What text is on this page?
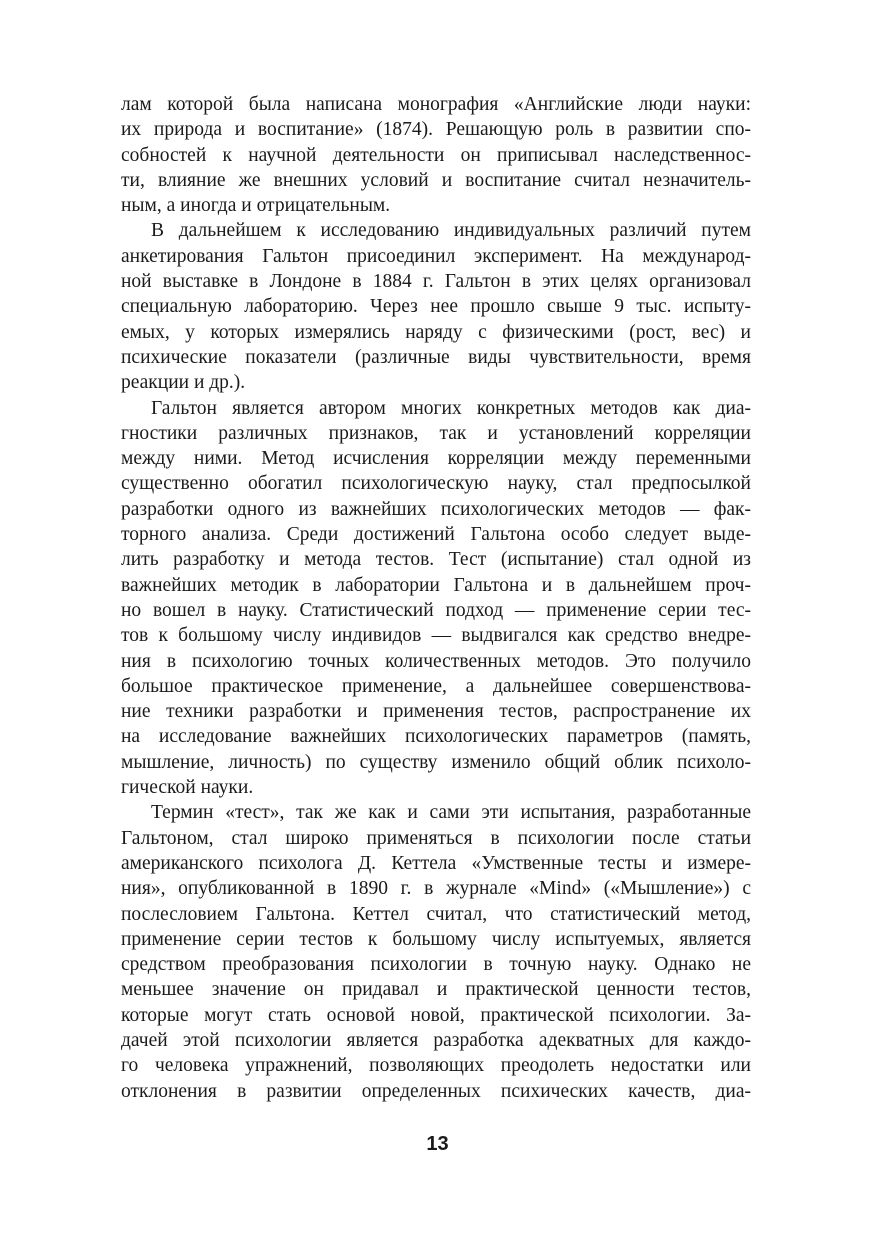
лам которой была написана монография «Английские люди науки:
их природа и воспитание» (1874). Решающую роль в развитии спо-
собностей к научной деятельности он приписывал наследственнос-
ти, влияние же внешних условий и воспитание считал незначитель-
ным, а иногда и отрицательным.

В дальнейшем к исследованию индивидуальных различий путем
анкетирования Гальтон присоединил эксперимент. На международ-
ной выставке в Лондоне в 1884 г. Гальтон в этих целях организовал
специальную лабораторию. Через нее прошло свыше 9 тыс. испыту-
емых, у которых измерялись наряду с физическими (рост, вес) и
психические показатели (различные виды чувствительности, время
реакции и др.).

Гальтон является автором многих конкретных методов как диа-
гностики различных признаков, так и установлений корреляции
между ними. Метод исчисления корреляции между переменными
существенно обогатил психологическую науку, стал предпосылкой
разработки одного из важнейших психологических методов — фак-
торного анализа. Среди достижений Гальтона особо следует выде-
лить разработку и метода тестов. Тест (испытание) стал одной из
важнейших методик в лаборатории Гальтона и в дальнейшем проч-
но вошел в науку. Статистический подход — применение серии тес-
тов к большому числу индивидов — выдвигался как средство внедре-
ния в психологию точных количественных методов. Это получило
большое практическое применение, а дальнейшее совершенствова-
ние техники разработки и применения тестов, распространение их
на исследование важнейших психологических параметров (память,
мышление, личность) по существу изменило общий облик психоло-
гической науки.

Термин «тест», так же как и сами эти испытания, разработанные
Гальтоном, стал широко применяться в психологии после статьи
американского психолога Д. Кеттела «Умственные тесты и измере-
ния», опубликованной в 1890 г. в журнале «Mind» («Мышление») с
послесловием Гальтона. Кеттел считал, что статистический метод,
применение серии тестов к большому числу испытуемых, является
средством преобразования психологии в точную науку. Однако не
меньшее значение он придавал и практической ценности тестов,
которые могут стать основой новой, практической психологии. За-
дачей этой психологии является разработка адекватных для каждо-
го человека упражнений, позволяющих преодолеть недостатки или
отклонения в развитии определенных психических качеств, диа-

13
